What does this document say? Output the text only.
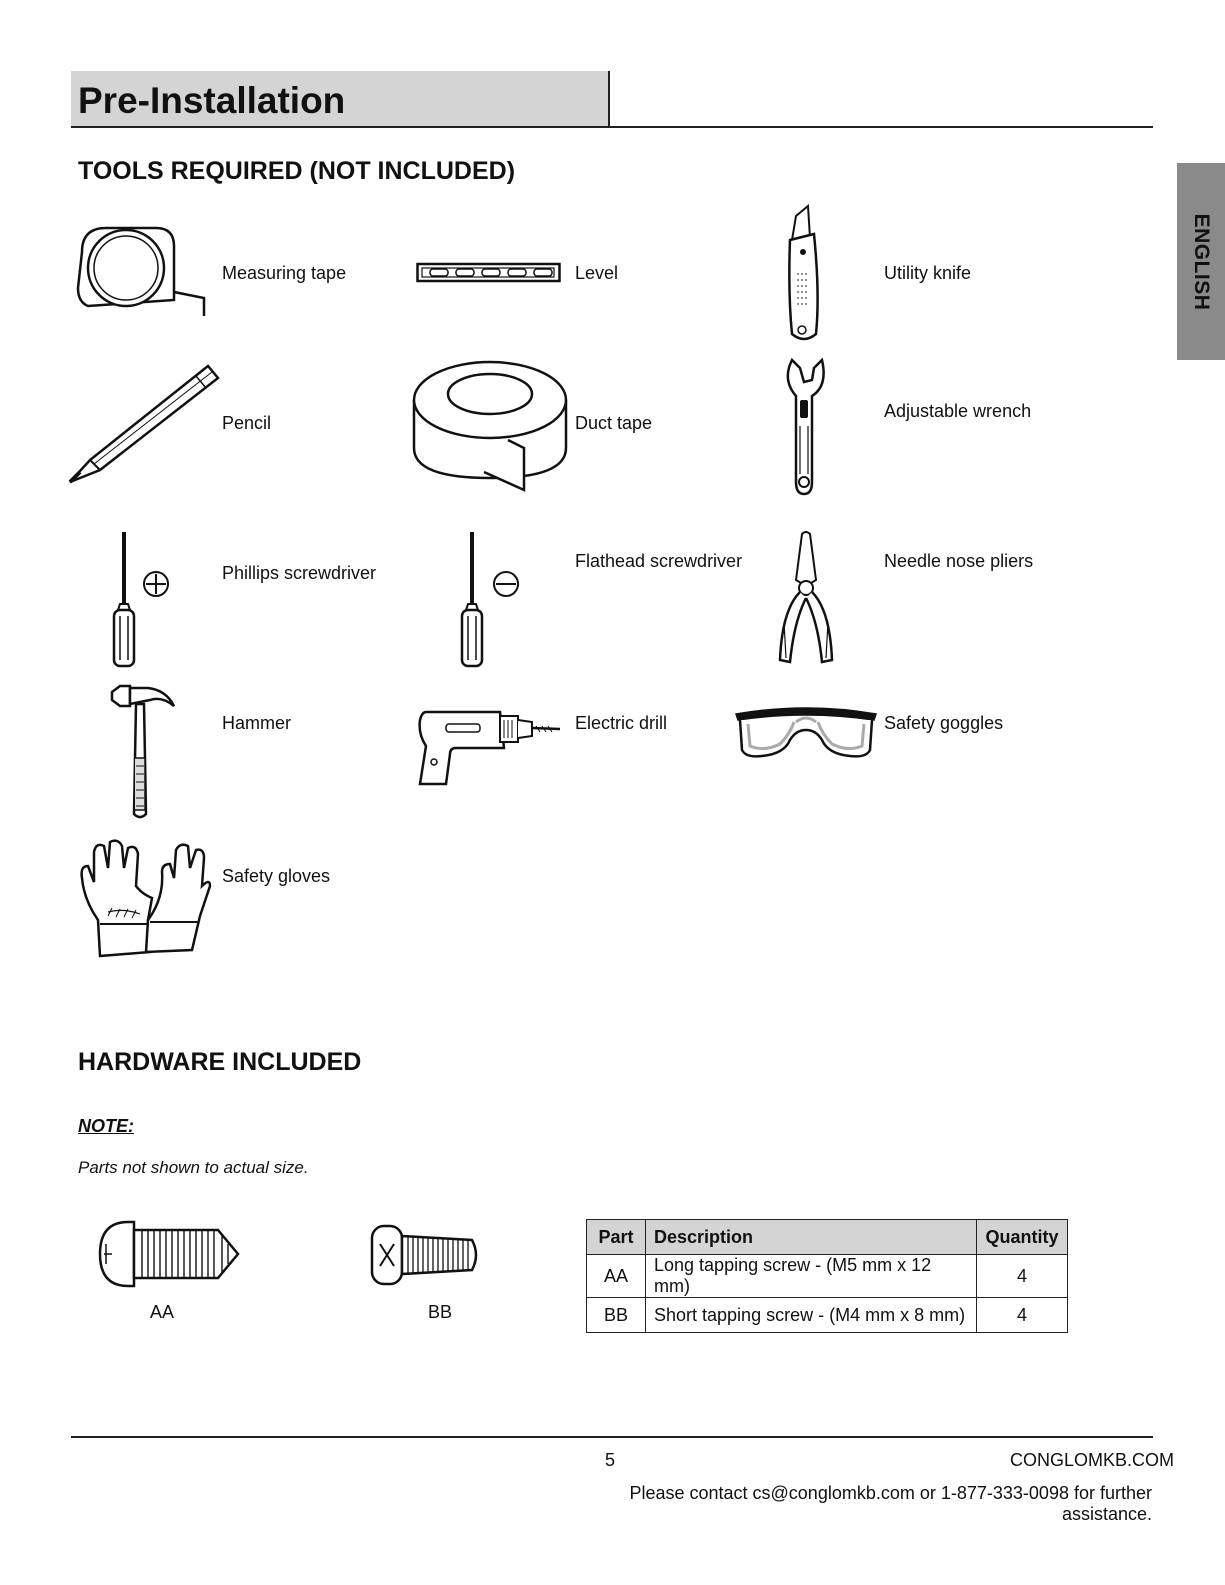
Pre-Installation
ENGLISH
TOOLS REQUIRED (NOT INCLUDED)
Measuring tape	Level	Utility knife
Pencil	Duct tape
Adjustable wrench
Phillips screwdriver
Flathead screwdriver	Needle nose pliers
Hammer	Electric drill	Safety goggles
Safety gloves
HARDWARE INCLUDED
NOTE:
Parts not shown to actual size.
AA	BB
Part	Description	Quantity
AA	Long tapping screw - (M5 mm x 12 mm)	4
BB	Short tapping screw - (M4 mm x 8 mm)	4
5	CONGLOMKB.COM
Please contact cs@conglomkb.com or 1-877-333-0098 for further assistance.
